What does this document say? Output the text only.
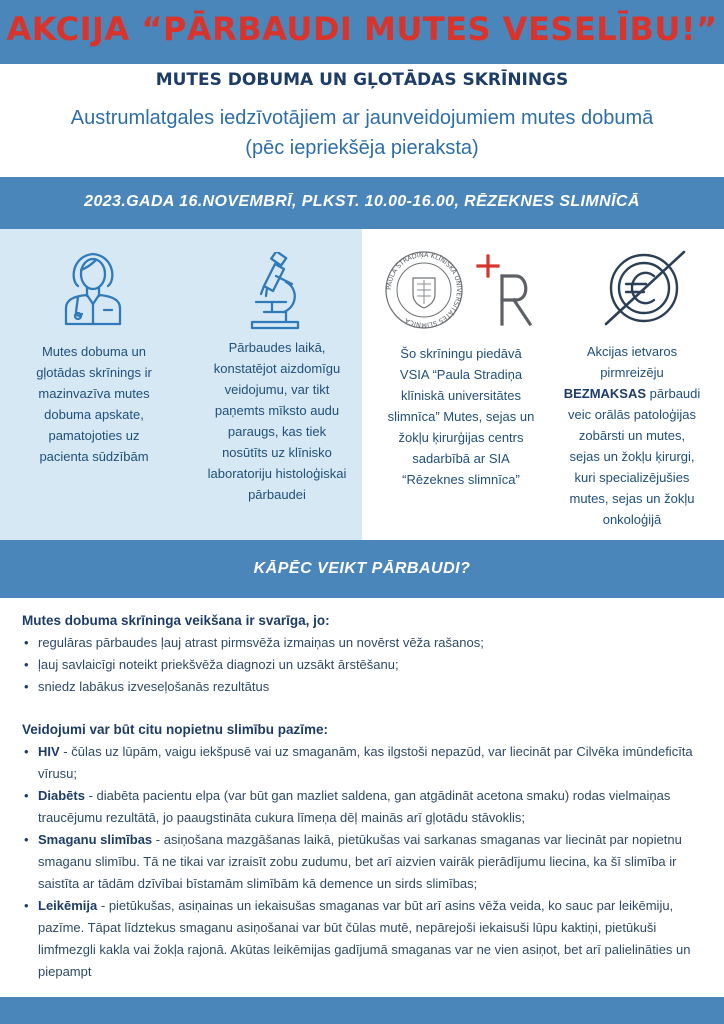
AKCIJA “PĀRBAUDI MUTES VESELĪBU!”
MUTES DOBUMA UN GĻOTĀDAS SKRĪNINGS
Austrumlatgales iedzīvotājiem ar jaunveidojumiem mutes dobumā
(pēc iepriekšēja pieraksta)
2023.GADA 16.NOVEMBRĪ, PLKST. 10.00-16.00, RĒZEKNES SLIMNĪCĀ
Mutes dobuma un gļotādas skrīnings ir mazinvazīva mutes dobuma apskate, pamatojoties uz pacienta sūdzībām
Pārbaudes laikā, konstatējot aizdomīgu veidojumu, var tikt paņemts mīksto audu paraugs, kas tiek nosūtīts uz klīnisko laboratoriju histoloģiskai pārbaudei
PAULA STRADIŅA KLĪNISKĀ UNIVERSITĀTES SLIMNĪCA
Šo skrīningu piedāvā VSIA “Paula Stradiņa klīniskā universitātes slimnīca” Mutes, sejas un žokļu ķirurģijas centrs sadarbībā ar SIA “Rēzeknes slimnīca”
Akcijas ietvaros pirmreizēju BEZMAKSAS pārbaudi veic orālās patoloģijas zobārsti un mutes, sejas un žokļu ķirurgi, kuri specializējušies mutes, sejas un žokļu onkoloģijā
KĀPĒC VEIKT PĀRBAUDI?
Mutes dobuma skrīninga veikšana ir svarīga, jo:
• regulāras pārbaudes ļauj atrast pirmsvēža izmaiņas un novērst vēža rašanos;
• ļauj savlaicīgi noteikt priekšvēža diagnozi un uzsākt ārstēšanu;
• sniedz labākus izveseļošanās rezultātus
Veidojumi var būt citu nopietnu slimību pazīme:
• HIV - čūlas uz lūpām, vaigu iekšpusē vai uz smaganām, kas ilgstoši nepazūd, var liecināt par Cilvēka imūndeficīta vīrusu;
• Diabēts - diabēta pacientu elpa (var būt gan mazliet saldena, gan atgādināt acetona smaku) rodas vielmaiņas traucējumu rezultātā, jo paaugstināta cukura līmeņa dēļ mainās arī gļotādu stāvoklis;
• Smaganu slimības - asiņošana mazgāšanas laikā, pietūkušas vai sarkanas smaganas var liecināt par nopietnu smaganu slimību. Tā ne tikai var izraisīt zobu zudumu, bet arī aizvien vairāk pierādījumu liecina, ka šī slimība ir saistīta ar tādām dzīvībai bīstamām slimībām kā demence un sirds slimības;
• Leikēmija - pietūkušas, asiņainas un iekaisušas smaganas var būt arī asins vēža veida, ko sauc par leikēmiju, pazīme. Tāpat līdztekus smaganu asiņošanai var būt čūlas mutē, nepārejoši iekaisuši lūpu kaktiņi, pietūkuši limfmezgli kakla vai žokļa rajonā. Akūtas leikēmijas gadījumā smaganas var ne vien asiņot, bet arī palielināties un piepampt
